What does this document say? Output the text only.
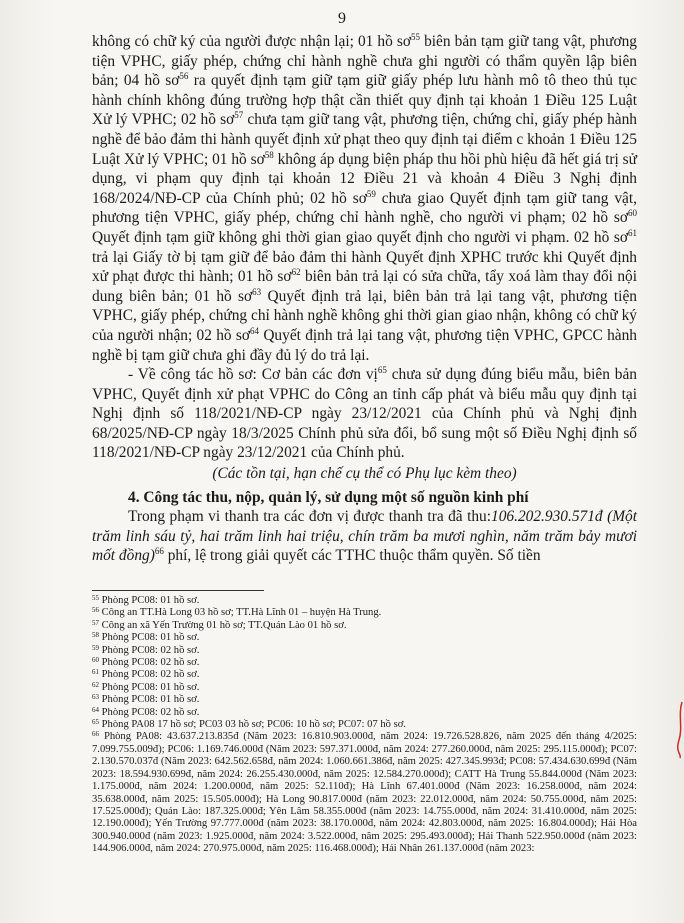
9

không có chữ ký của người được nhận lại; 01 hồ $sơ^{55}$ biên bản tạm giữ tang vật, phương tiện VPHC, giấy phép, chứng chỉ hành nghề chưa ghi người có thẩm quyền lập biên bản; 04 hồ $sơ^{56}$ ra quyết định tạm giữ tạm giữ giấy phép lưu hành mô tô theo thủ tục hành chính không đúng trường hợp thật cần thiết quy định tại khoản 1 Điều 125 Luật Xử lý VPHC; 02 hồ $sơ^{57}$ chưa tạm giữ tang vật, phương tiện, chứng chỉ, giấy phép hành nghề để bảo đảm thi hành quyết định xử phạt theo quy định tại điểm c khoản 1 Điều 125 Luật Xử lý VPHC; 01 hồ $sơ^{58}$ không áp dụng biện pháp thu hồi phù hiệu đã hết giá trị sử dụng, vi phạm quy định tại khoản 12 Điều 21 và khoản 4 Điều 3 Nghị định 168/2024/NĐ-CP của Chính phủ; 02 hồ $sơ^{59}$ chưa giao Quyết định tạm giữ tang vật, phương tiện VPHC, giấy phép, chứng chỉ hành nghề, cho người vi phạm; 02 hồ $sơ^{60}$ Quyết định tạm giữ không ghi thời gian giao quyết định cho người vi phạm. 02 hồ $sơ^{61}$ trả lại Giấy tờ bị tạm giữ để bảo đảm thi hành Quyết định XPHC trước khi Quyết định xử phạt được thi hành; 01 hồ $sơ^{62}$ biên bản trả lại có sửa chữa, tẩy xoá làm thay đổi nội dung biên bản; 01 hồ $sơ^{63}$ Quyết định trả lại, biên bản trả lại tang vật, phương tiện VPHC, giấy phép, chứng chỉ hành nghề không ghi thời gian giao nhận, không có chữ ký của người nhận; 02 hồ $sơ^{64}$ Quyết định trả lại tang vật, phương tiện VPHC, GPCC hành nghề bị tạm giữ chưa ghi đầy đủ lý do trả lại.

- Về công tác hồ sơ: Cơ bản các đơn vị$^{65}$ chưa sử dụng đúng biểu mẫu, biên bản VPHC, Quyết định xử phạt VPHC do Công an tỉnh cấp phát và biểu mẫu quy định tại Nghị định số 118/2021/NĐ-CP ngày 23/12/2021 của Chính phủ và Nghị định 68/2025/NĐ-CP ngày 18/3/2025 Chính phủ sửa đổi, bổ sung một số Điều Nghị định số 118/2021/NĐ-CP ngày 23/12/2021 của Chính phủ.

(Các tồn tại, hạn chế cụ thể có Phụ lục kèm theo)

4. Công tác thu, nộp, quản lý, sử dụng một số nguồn kinh phí

Trong phạm vi thanh tra các đơn vị được thanh tra đã thu:106.202.930.571đ (Một trăm linh sáu tỷ, hai trăm linh hai triệu, chín trăm ba mươi nghìn, năm trăm bảy mươi mốt đồng)$^{66}$ phí, lệ trong giải quyết các TTHC thuộc thẩm quyền. Số tiền

$^{55}$ Phòng PC08: 01 hồ sơ.

$^{56}$ Công an TT.Hà Long 03 hồ sơ; TT.Hà Lĩnh 01 – huyện Hà Trung.

$^{57}$ Công an xã Yến Trường 01 hồ sơ; TT.Quán Lào 01 hồ sơ.

$^{58}$ Phòng PC08: 01 hồ sơ.

$^{59}$ Phòng PC08: 02 hồ sơ.

$^{60}$ Phòng PC08: 02 hồ sơ.

$^{61}$ Phòng PC08: 02 hồ sơ.

$^{62}$ Phòng PC08: 01 hồ sơ.

$^{63}$ Phòng PC08: 01 hồ sơ.

$^{64}$ Phòng PC08: 02 hồ sơ.

$^{65}$ Phòng PA08 17 hồ sơ; PC03 03 hồ sơ; PC06: 10 hồ sơ; PC07: 07 hồ sơ.

$^{66}$ Phòng PA08: 43.637.213.835đ (Năm 2023: 16.810.903.000đ, năm 2024: 19.726.528.826, năm 2025 đến tháng 4/2025: 7.099.755.009đ); PC06: 1.169.746.000đ (Năm 2023: 597.371.000đ, năm 2024: 277.260.000đ, năm 2025: 295.115.000đ); PC07: 2.130.570.037đ (Năm 2023: 642.562.658đ, năm 2024: 1.060.661.386đ, năm 2025: 427.345.993đ; PC08: 57.434.630.699đ (Năm 2023: 18.594.930.699đ, năm 2024: 26.255.430.000đ, năm 2025: 12.584.270.000đ); CATT Hà Trung 55.844.000đ (Năm 2023: 1.175.000đ, năm 2024: 1.200.000đ, năm 2025: 52.110đ); Hà Lĩnh 67.401.000đ (Năm 2023: 16.258.000đ, năm 2024: 35.638.000đ, năm 2025: 15.505.000đ); Hà Long 90.817.000đ (năm 2023: 22.012.000đ, năm 2024: 50.755.000đ, năm 2025: 17.525.000đ); Quán Lào: 187.325.000đ; Yên Lâm 58.355.000đ (năm 2023: 14.755.000đ, năm 2024: 31.410.000đ, năm 2025: 12.190.000đ); Yến Trường 97.777.000đ (năm 2023: 38.170.000đ, năm 2024: 42.803.000đ, năm 2025: 16.804.000đ); Hải Hòa 300.940.000đ (năm 2023: 1.925.000đ, năm 2024: 3.522.000đ, năm 2025: 295.493.000đ); Hải Thanh 522.950.000đ (năm 2023: 144.906.000đ, năm 2024: 270.975.000đ, năm 2025: 116.468.000đ); Hải Nhân 261.137.000đ (năm 2023:
